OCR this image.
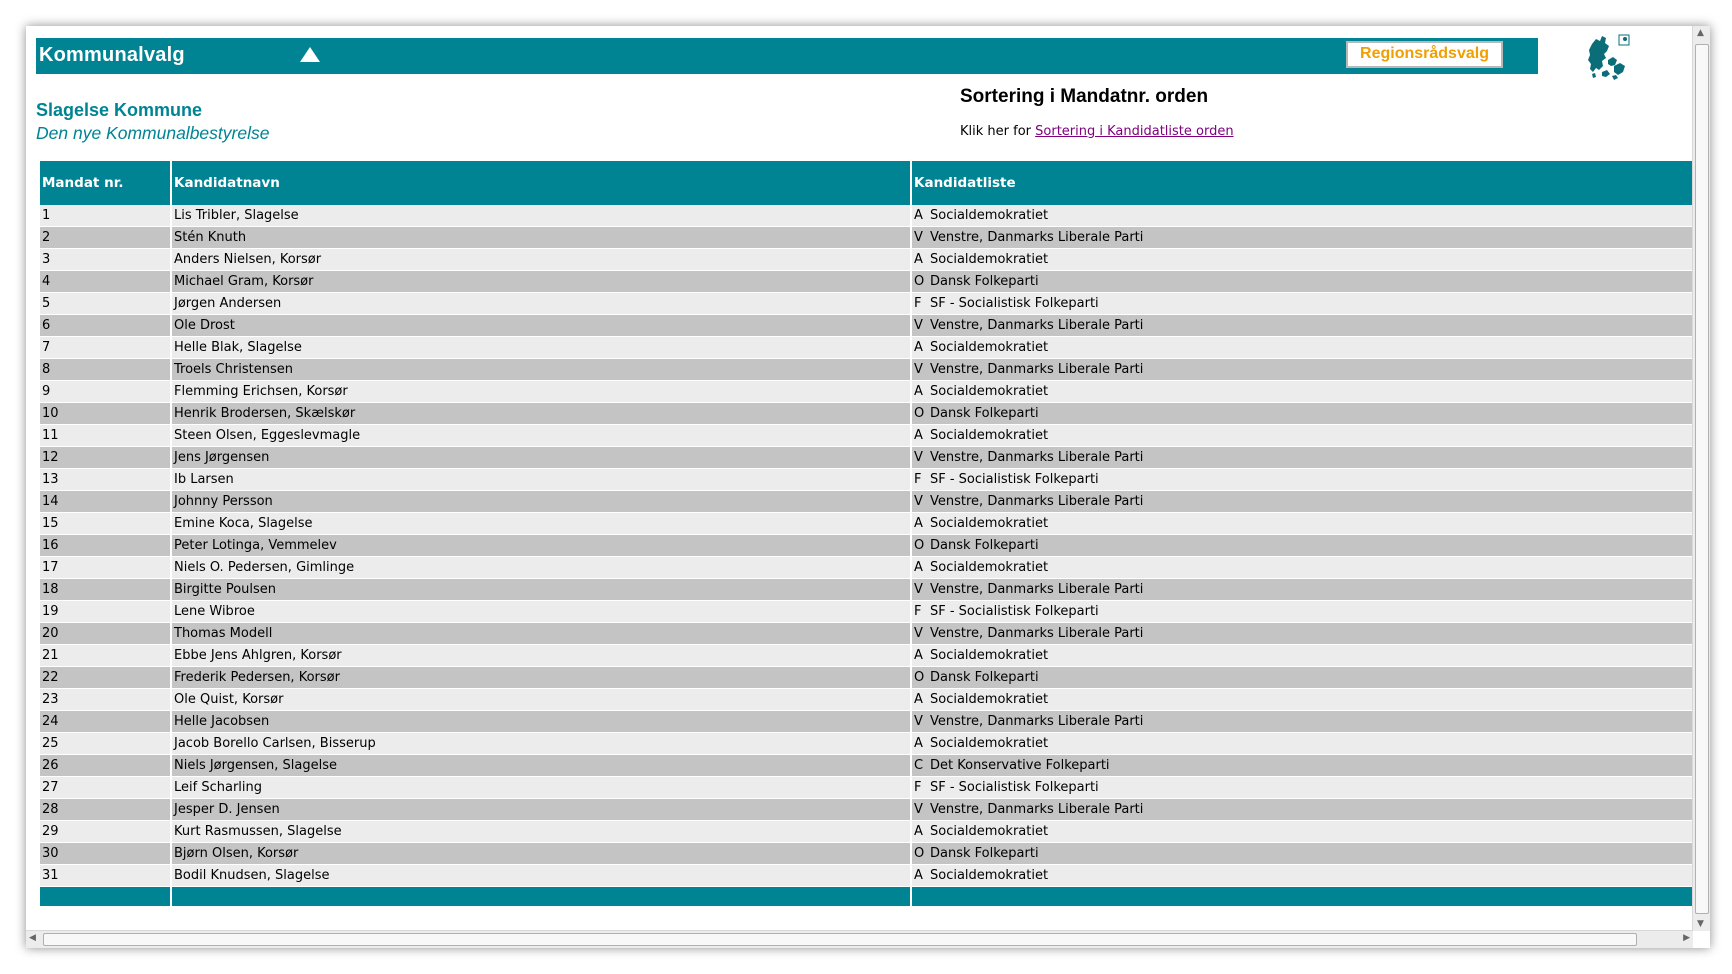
Kommunalvalg	Regionsrådsvalg
Slagelse Kommune
Den nye Kommunalbestyrelse
Sortering i Mandatnr. orden
Klik her for Sortering i Kandidatliste orden
Mandat nr.	Kandidatnavn	Kandidatliste
1	Lis Tribler, Slagelse	A Socialdemokratiet
2	Stén Knuth	V Venstre, Danmarks Liberale Parti
3	Anders Nielsen, Korsør	A Socialdemokratiet
4	Michael Gram, Korsør	O Dansk Folkeparti
5	Jørgen Andersen	F SF - Socialistisk Folkeparti
6	Ole Drost	V Venstre, Danmarks Liberale Parti
7	Helle Blak, Slagelse	A Socialdemokratiet
8	Troels Christensen	V Venstre, Danmarks Liberale Parti
9	Flemming Erichsen, Korsør	A Socialdemokratiet
10	Henrik Brodersen, Skælskør	O Dansk Folkeparti
11	Steen Olsen, Eggeslevmagle	A Socialdemokratiet
12	Jens Jørgensen	V Venstre, Danmarks Liberale Parti
13	Ib Larsen	F SF - Socialistisk Folkeparti
14	Johnny Persson	V Venstre, Danmarks Liberale Parti
15	Emine Koca, Slagelse	A Socialdemokratiet
16	Peter Lotinga, Vemmelev	O Dansk Folkeparti
17	Niels O. Pedersen, Gimlinge	A Socialdemokratiet
18	Birgitte Poulsen	V Venstre, Danmarks Liberale Parti
19	Lene Wibroe	F SF - Socialistisk Folkeparti
20	Thomas Modell	V Venstre, Danmarks Liberale Parti
21	Ebbe Jens Ahlgren, Korsør	A Socialdemokratiet
22	Frederik Pedersen, Korsør	O Dansk Folkeparti
23	Ole Quist, Korsør	A Socialdemokratiet
24	Helle Jacobsen	V Venstre, Danmarks Liberale Parti
25	Jacob Borello Carlsen, Bisserup	A Socialdemokratiet
26	Niels Jørgensen, Slagelse	C Det Konservative Folkeparti
27	Leif Scharling	F SF - Socialistisk Folkeparti
28	Jesper D. Jensen	V Venstre, Danmarks Liberale Parti
29	Kurt Rasmussen, Slagelse	A Socialdemokratiet
30	Bjørn Olsen, Korsør	O Dansk Folkeparti
31	Bodil Knudsen, Slagelse	A Socialdemokratiet

▲
▼
◀	▶
